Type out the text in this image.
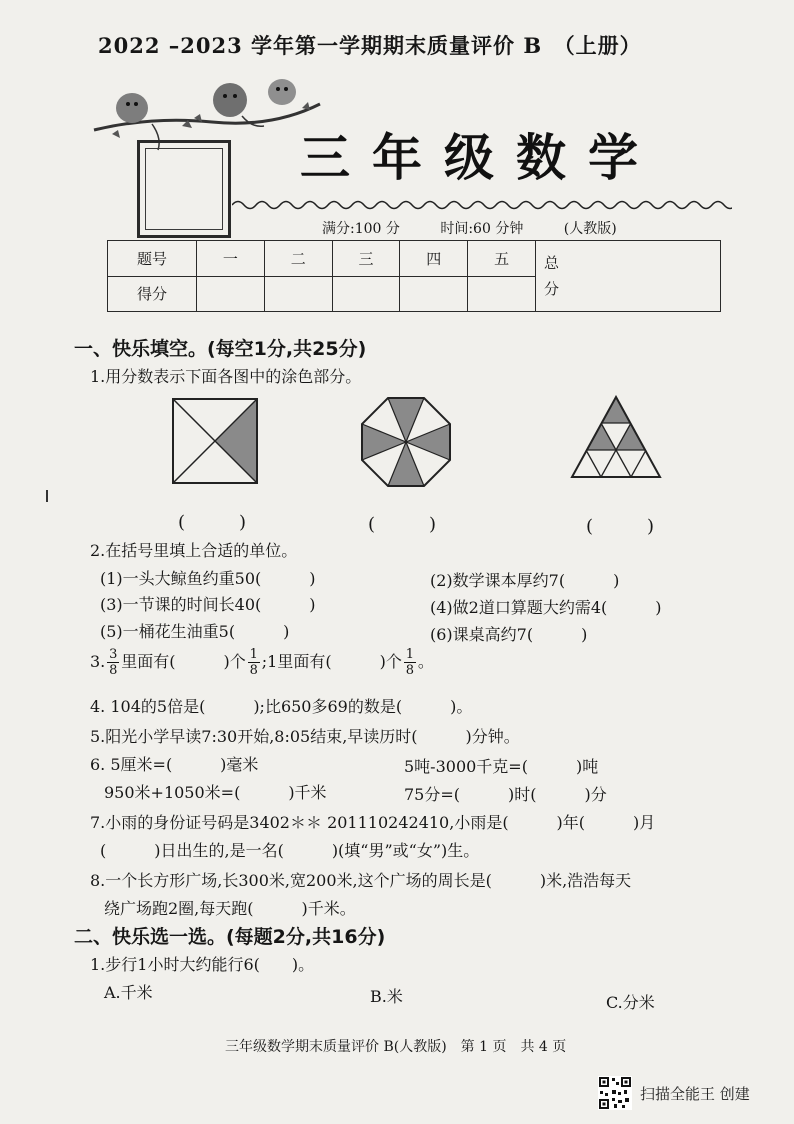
2022 –2023 学年第一学期期末质量评价 B　（上册）
三年级数学
满分:100 分	时间:60 分钟	(人教版)
题号	一	二	三	四	五	总
分

得分						
一、快乐填空。(每空1分,共25分)
1.用分数表示下面各图中的涂色部分。
(　　　)	(　　　)	(　　　)
2.在括号里填上合适的单位。
(1)一头大鲸鱼约重50(　　　)	(2)数学课本厚约7(　　　)
(3)一节课的时间长40(　　　)	(4)做2道口算题大约需4(　　　)
(5)一桶花生油重5(　　　)	(6)课桌高约7(　　　)
3. $\frac{3}{8}$ 里面有(　　　)个 $\frac{1}{8}$ ;1里面有(　　　)个 $\frac{1}{8}$ 。
4. 104的5倍是(　　　);比650多69的数是(　　　)。
5.阳光小学早读7:30开始,8:05结束,早读历时(　　　)分钟。
6. 5厘米=(　　　)毫米	5吨-3000千克=(　　　)吨
950米+1050米=(　　　)千米	75分=(　　　)时(　　　)分
7.小雨的身份证号码是3402＊＊ 201110242410,小雨是(　　　)年(　　　)月
(　　　)日出生的,是一名(　　　)(填“男”或“女”)生。
8.一个长方形广场,长300米,宽200米,这个广场的周长是(　　　)米,浩浩每天
绕广场跑2圈,每天跑(　　　)千米。
二、快乐选一选。(每题2分,共16分)
1.步行1小时大约能行6(　　)。
A.千米	B.米	C.分米
三年级数学期末质量评价 B(人教版)　第 1 页　共 4 页
扫描全能王 创建
